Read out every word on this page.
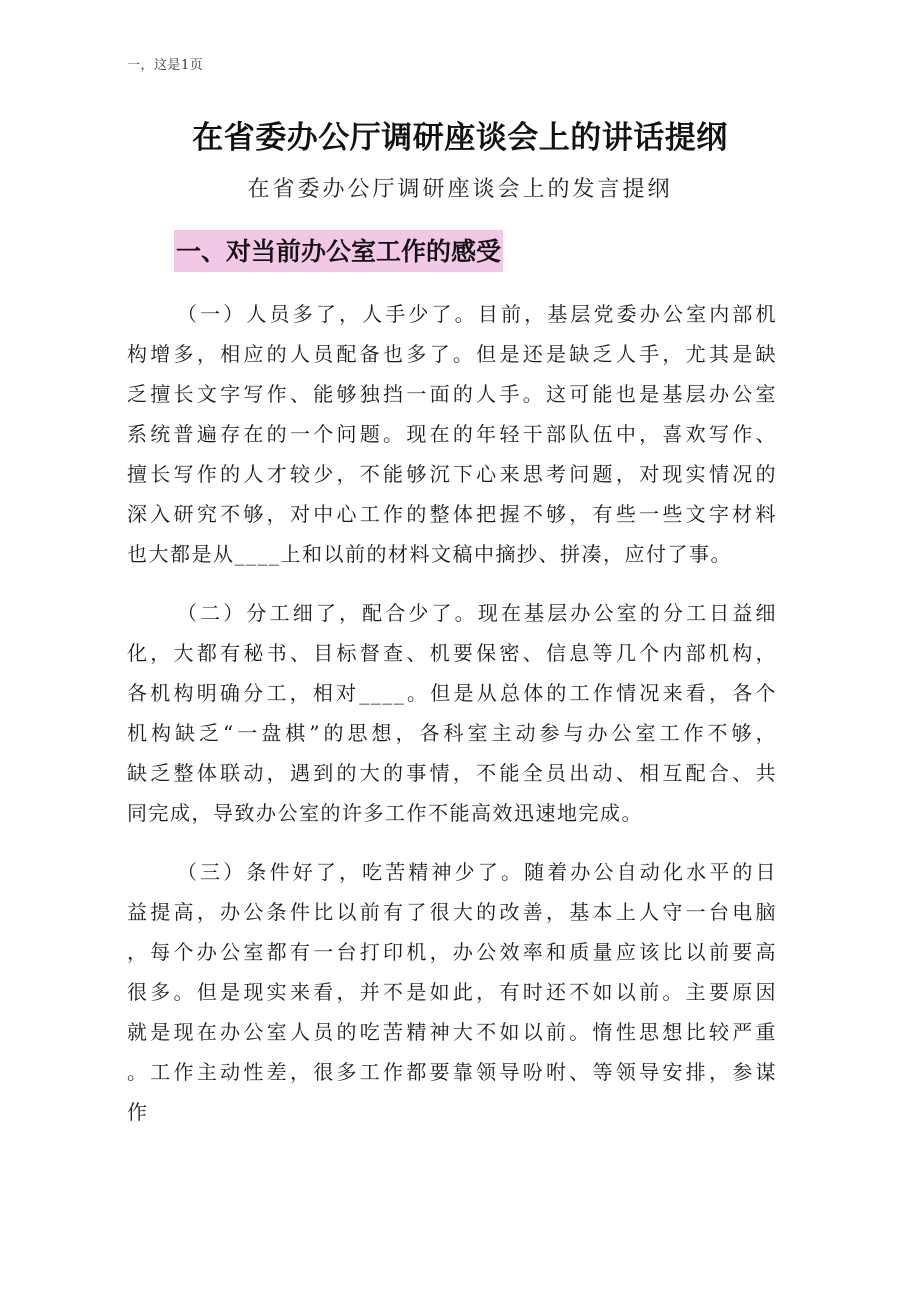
一，这是1页
在省委办公厅调研座谈会上的讲话提纲
在省委办公厅调研座谈会上的发言提纲
一、对当前办公室工作的感受
（一）人员多了，人手少了。目前，基层党委办公室内部机
构增多，相应的人员配备也多了。但是还是缺乏人手，尤其是缺
乏擅长文字写作、能够独挡一面的人手。这可能也是基层办公室
系统普遍存在的一个问题。现在的年轻干部队伍中，喜欢写作、
擅长写作的人才较少，不能够沉下心来思考问题，对现实情况的
深入研究不够，对中心工作的整体把握不够，有些一些文字材料
也大都是从____上和以前的材料文稿中摘抄、拼凑，应付了事。
（二）分工细了，配合少了。现在基层办公室的分工日益细
化，大都有秘书、目标督查、机要保密、信息等几个内部机构，
各机构明确分工，相对____。但是从总体的工作情况来看，各个
机构缺乏“一盘棋”的思想，各科室主动参与办公室工作不够，
缺乏整体联动，遇到的大的事情，不能全员出动、相互配合、共
同完成，导致办公室的许多工作不能高效迅速地完成。
（三）条件好了，吃苦精神少了。随着办公自动化水平的日
益提高，办公条件比以前有了很大的改善，基本上人守一台电脑
，每个办公室都有一台打印机，办公效率和质量应该比以前要高
很多。但是现实来看，并不是如此，有时还不如以前。主要原因
就是现在办公室人员的吃苦精神大不如以前。惰性思想比较严重
。工作主动性差，很多工作都要靠领导吩咐、等领导安排，参谋
作
